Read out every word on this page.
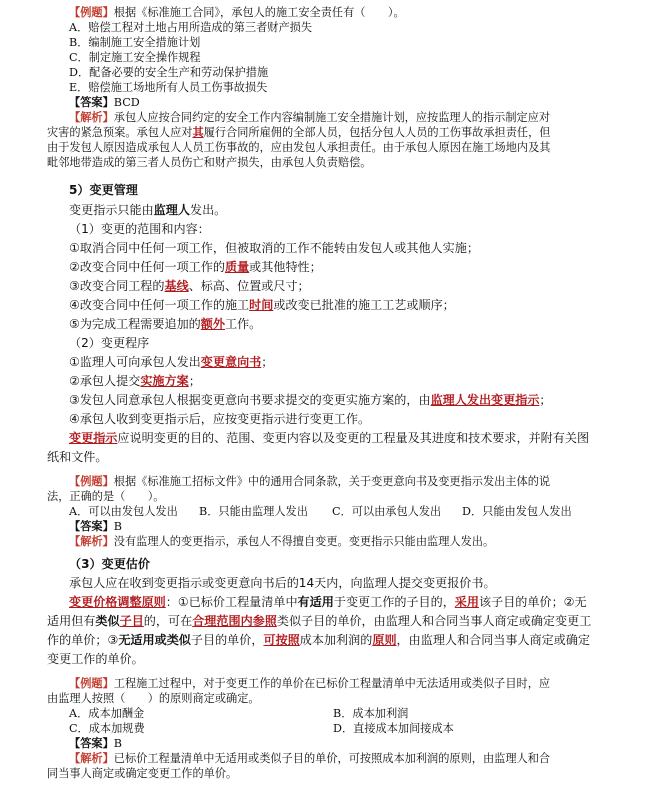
【例题】根据《标准施工合同》，承包人的施工安全责任有（　　）。
A．赔偿工程对土地占用所造成的第三者财产损失
B．编制施工安全措施计划
C．制定施工安全操作规程
D．配备必要的安全生产和劳动保护措施
E．赔偿施工场地所有人员工伤事故损失
【答案】BCD
【解析】承包人应按合同约定的安全工作内容编制施工安全措施计划，应按监理人的指示制定应对
灾害的紧急预案。承包人应对其履行合同所雇佣的全部人员，包括分包人人员的工伤事故承担责任，但
由于发包人原因造成承包人人员工伤事故的，应由发包人承担责任。由于承包人原因在施工场地内及其
毗邻地带造成的第三者人员伤亡和财产损失，由承包人负责赔偿。
5）变更管理
变更指示只能由监理人发出。
（1）变更的范围和内容：
①取消合同中任何一项工作，但被取消的工作不能转由发包人或其他人实施；
②改变合同中任何一项工作的质量或其他特性；
③改变合同工程的基线、标高、位置或尺寸；
④改变合同中任何一项工作的施工时间或改变已批准的施工工艺或顺序；
⑤为完成工程需要追加的额外工作。
（2）变更程序
①监理人可向承包人发出变更意向书；
②承包人提交实施方案；
③发包人同意承包人根据变更意向书要求提交的变更实施方案的，由监理人发出变更指示；
④承包人收到变更指示后，应按变更指示进行变更工作。
变更指示应说明变更的目的、范围、变更内容以及变更的工程量及其进度和技术要求，并附有关图
纸和文件。
【例题】根据《标准施工招标文件》中的通用合同条款，关于变更意向书及变更指示发出主体的说
法，正确的是（　　）。
A．可以由发包人发出 B．只能由监理人发出 C．可以由承包人发出 D．只能由发包人发出
【答案】B
【解析】没有监理人的变更指示，承包人不得擅自变更。变更指示只能由监理人发出。
（3）变更估价
承包人应在收到变更指示或变更意向书后的14天内，向监理人提交变更报价书。
变更价格调整原则：①已标价工程量清单中有适用于变更工作的子目的，采用该子目的单价；②无
适用但有类似子目的，可在合理范围内参照类似子目的单价，由监理人和合同当事人商定或确定变更工
作的单价；③无适用或类似子目的单价，可按照成本加利润的原则，由监理人和合同当事人商定或确定
变更工作的单价。
【例题】工程施工过程中，对于变更工作的单价在已标价工程量清单中无法适用或类似子目时，应
由监理人按照（　　）的原则商定或确定。
A．成本加酬金	B．成本加利润
C．成本加规费	D．直接成本加间接成本
【答案】B
【解析】已标价工程量清单中无适用或类似子目的单价，可按照成本加利润的原则，由监理人和合
同当事人商定或确定变更工作的单价。
